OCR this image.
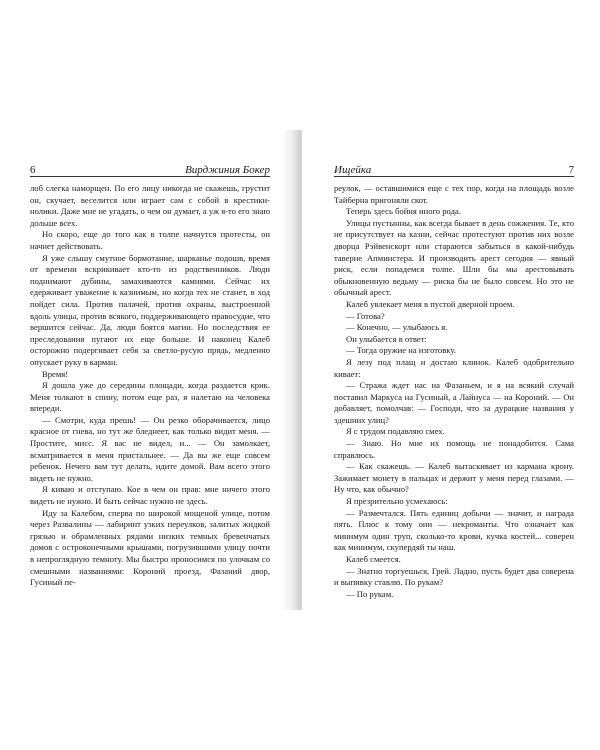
6	Вирджиния Бокер

лоб слегка наморщен. По его лицу никогда не скажешь, грустит он, скучает, веселится или играет сам с собой в крестики-нолики. Даже мне не угадать, о чем он думает, а уж я-то его знаю дольше всех.

Но скоро, еще до того как в толпе начнутся протесты, он начнет действовать.

Я уже слышу смутное бормотание, шарканье подошв, время от времени вскрикивает кто-то из родственников. Люди поднимают дубины, замахиваются камнями. Сейчас их едерживает уважение к казнимым, но когда тех не станет, в ход пойдет сила. Против палачей, против охраны, выстроенной вдоль улицы, против всякого, поддерживающего правосудие, что вершится сейчас. Да, люди боятся магии. Но последствия ее преследования пугают их еще больше. И наконец Калеб осторожно подергивает себя за светло-русую прядь, медленно опускает руку в карман.

Время!

Я дошла уже до середины площади, когда раздается крик. Меня толкают в спину, потом еще раз, я налетаю на человека впереди.

— Смотри, куда прешь! — Он резко оборачивается, лицо красное от гнева, но тут же бледнеет, как только видит меня. — Простите, мисс. Я вас не видел, и... — Он замолкает, всматривается в меня пристальнее. — Да вы же еще совсем ребенок. Нечего вам тут делать, идите домой. Вам всего этого видеть не нужно.

Я киваю и отступаю. Кое в чем он прав: мне ничего этого видеть не нужно. И быть сейчас нужно не здесь.

Иду за Калебом, сперва по широкой мощеной улице, потом через Развалины — лабиринт узких переулков, залитых жидкой грязью и обрамленных рядами низких темных бревенчатых домов с остроконечными крышами, погрузившими улицу почти в непроглядную темноту. Мы быстро проносимся по улочкам со смешными названиями: Короний проезд, Фазаний двор, Гусиный пе-

Ищейка	7

реулок, — оставшимися еще с тех пор, когда на площадь возле Тайберна пригоняли скот.

Теперь здесь бойня иного рода.

Улицы пустынны, как всегда бывает в день сожжения. Те, кто не присутствует на казни, сейчас протестуют против них возле дворца Рэйвенскорт или стараются забыться в какой-нибудь таверне Апминстера. И производить арест сегодня — явный риск, если попадемся толпе. Шли бы мы арестовывать обыкновенную ведьму — риска бы не было совсем. Но это не обычный арест.

Калеб увлекает меня в пустой дверной проем.

— Готова?

— Конечно, — улыбаюсь я.

Он улыбается в ответ:

— Тогда оружие на изготовку.

Я лезу под плащ и достаю клинок. Калеб одобрительно кивает:

— Стража ждет нас на Фазаньем, и я на всякий случай поставил Маркуса на Гусиный, а Лайнуса — на Короний. — Он добавляет, помолчав: — Господи, что за дурацкие названия у здешних улиц?

Я с трудом подавляю смех.

— Знаю. Но мне их помощь не понадобится. Сама справлюсь.

— Как скажешь. — Калеб вытаскивает из кармана крону. Зажимает монету в пальцах и держит у меня перед глазами. — Ну что, как обычно?

Я презрительно усмехаюсь:

— Размечтался. Пять единиц добычи — значит, и награда пять. Плюс к тому они — некроманты. Что означает как минимум один труп, сколько-то крови, кучка костей... соверен как минимум, скупердяй ты наш.

Калеб смеется.

— Знатно торгуешься, Грей. Ладно, пусть будет два соверена и выпивку ставлю. По рукам?

— По рукам.
